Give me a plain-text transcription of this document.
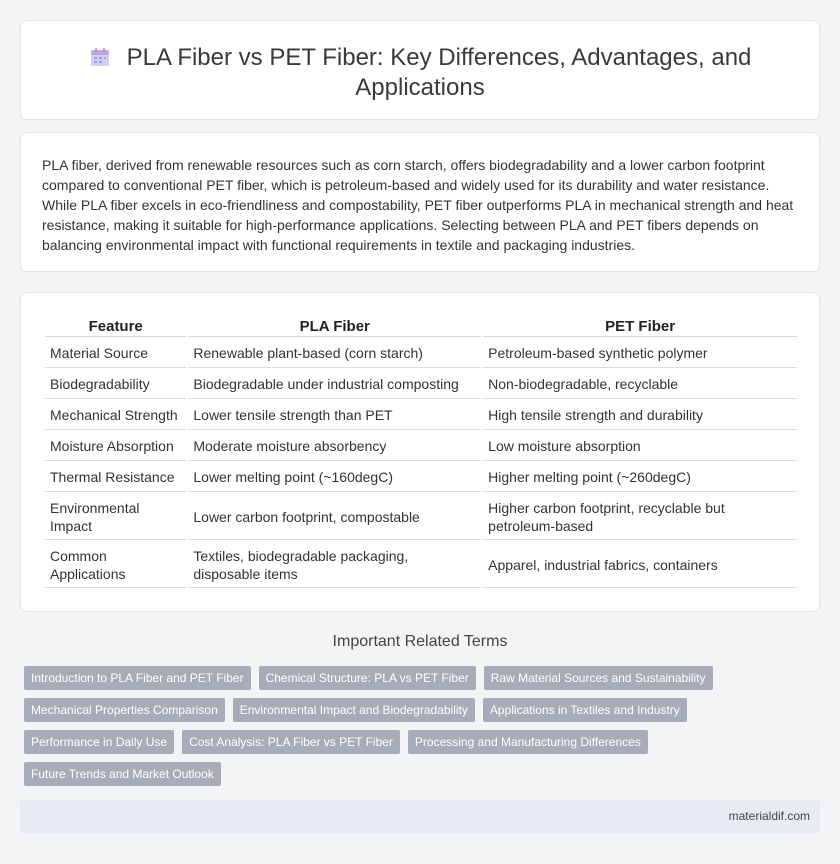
PLA Fiber vs PET Fiber: Key Differences, Advantages, and Applications

PLA fiber, derived from renewable resources such as corn starch, offers biodegradability and a lower carbon footprint compared to conventional PET fiber, which is petroleum-based and widely used for its durability and water resistance. While PLA fiber excels in eco-friendliness and compostability, PET fiber outperforms PLA in mechanical strength and heat resistance, making it suitable for high-performance applications. Selecting between PLA and PET fibers depends on balancing environmental impact with functional requirements in textile and packaging industries.

Feature	PLA Fiber	PET Fiber
Material Source	Renewable plant-based (corn starch)	Petroleum-based synthetic polymer
Biodegradability	Biodegradable under industrial composting	Non-biodegradable, recyclable
Mechanical Strength	Lower tensile strength than PET	High tensile strength and durability
Moisture Absorption	Moderate moisture absorbency	Low moisture absorption
Thermal Resistance	Lower melting point (~160degC)	Higher melting point (~260degC)
Environmental Impact	Lower carbon footprint, compostable	Higher carbon footprint, recyclable but petroleum-based
Common Applications	Textiles, biodegradable packaging, disposable items	Apparel, industrial fabrics, containers
Important Related Terms
Introduction to PLA Fiber and PET Fiber	Chemical Structure: PLA vs PET Fiber	Raw Material Sources and Sustainability
Mechanical Properties Comparison	Environmental Impact and Biodegradability	Applications in Textiles and Industry
Performance in Daily Use	Cost Analysis: PLA Fiber vs PET Fiber	Processing and Manufacturing Differences
Future Trends and Market Outlook
materialdif.com
